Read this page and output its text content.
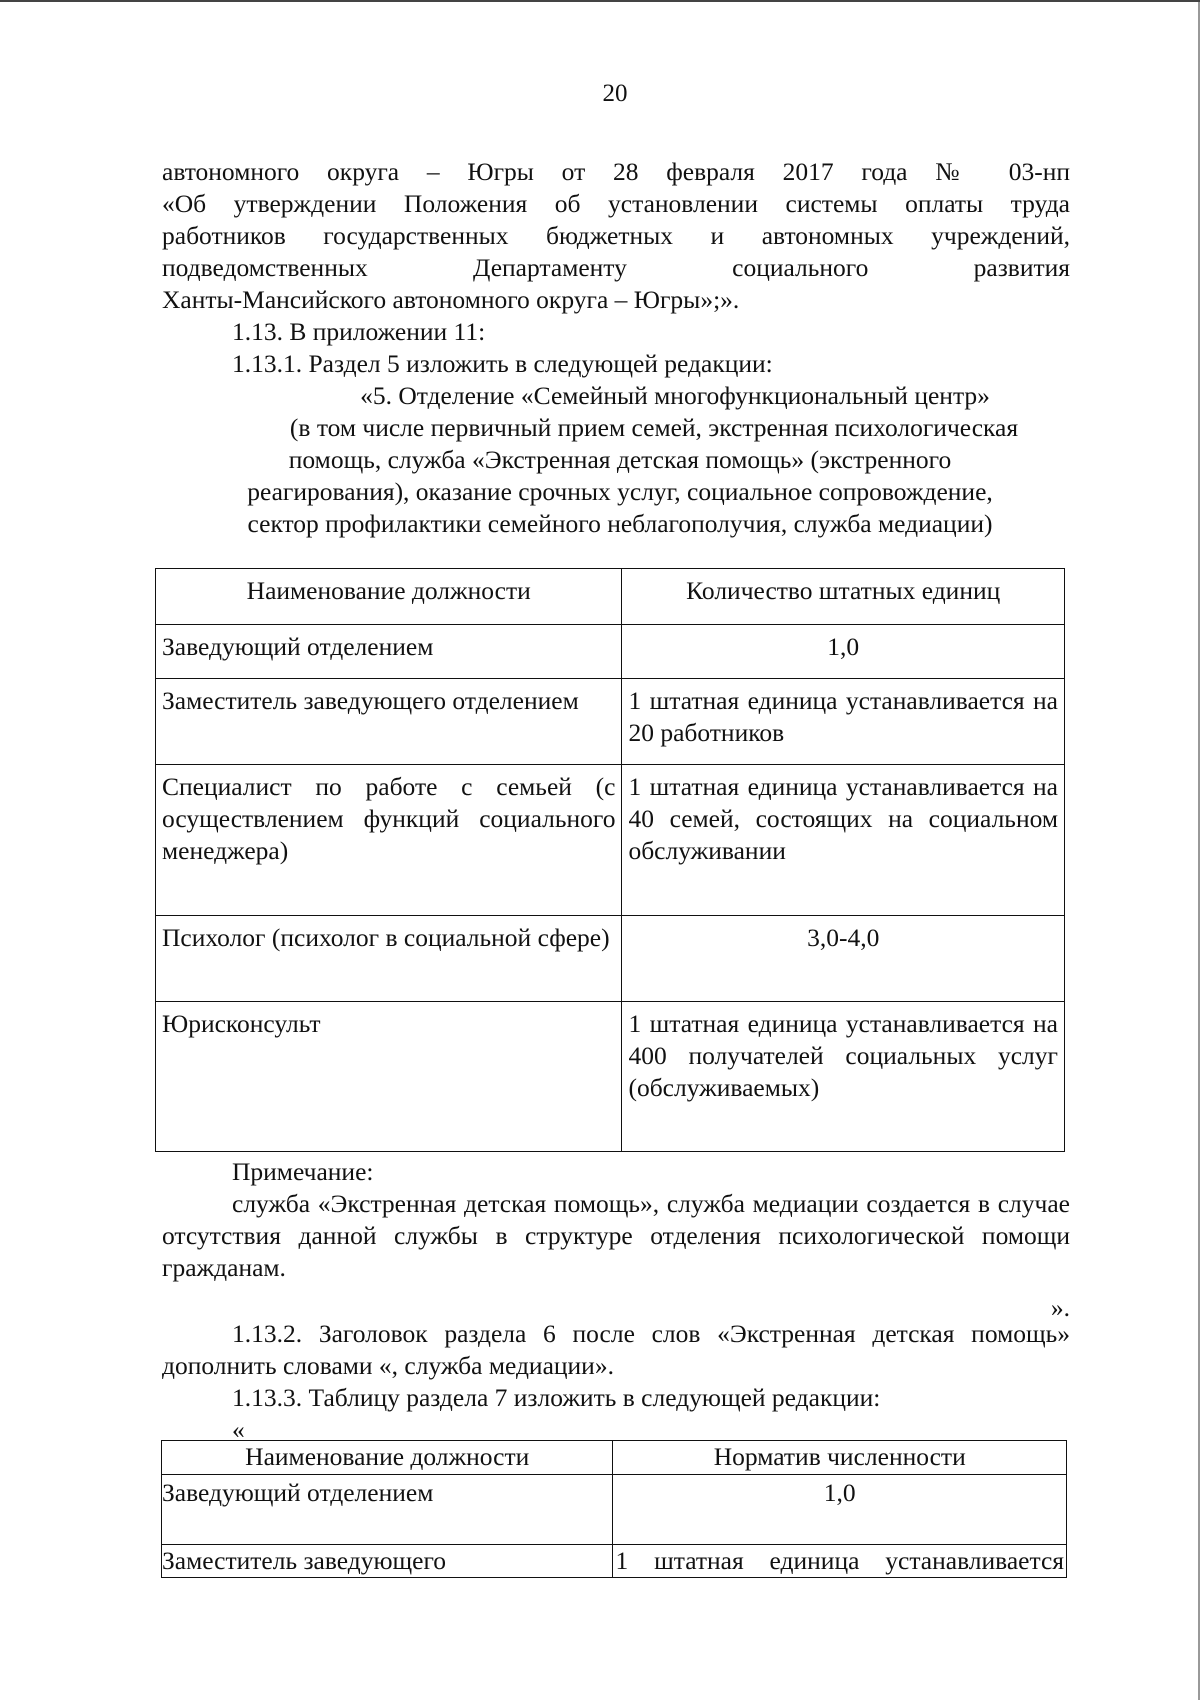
20
автономного округа – Югры от 28 февраля 2017 года № 03-нп
«Об утверждении Положения об установлении системы оплаты труда
работников государственных бюджетных и автономных учреждений,
подведомственных Департаменту социального развития
Ханты-Мансийского автономного округа – Югры»;».
1.13. В приложении 11:
1.13.1. Раздел 5 изложить в следующей редакции:
«5. Отделение «Семейный многофункциональный центр»
(в том числе первичный прием семей, экстренная психологическая
помощь, служба «Экстренная детская помощь» (экстренного
реагирования), оказание срочных услуг, социальное сопровождение,
сектор профилактики семейного неблагополучия, служба медиации)
Наименование должности	Количество штатных единиц
Заведующий отделением	1,0
Заместитель заведующего отделением	1 штатная единица устанавливается на 20 работников
Специалист по работе с семьей (с осуществлением функций социального менеджера)	1 штатная единица устанавливается на 40 семей, состоящих на социальном обслуживании
Психолог (психолог в социальной сфере)	3,0-4,0
Юрисконсульт	1 штатная единица устанавливается на 400 получателей социальных услуг (обслуживаемых)
Примечание:
служба «Экстренная детская помощь», служба медиации создается в случае отсутствия данной службы в структуре отделения психологической помощи гражданам.
».
1.13.2. Заголовок раздела 6 после слов «Экстренная детская помощь» дополнить словами «, служба медиации».
1.13.3. Таблицу раздела 7 изложить в следующей редакции:
«
Наименование должности	Норматив численности
Заведующий отделением	1,0
Заместитель заведующего	1 штатная единица устанавливается
